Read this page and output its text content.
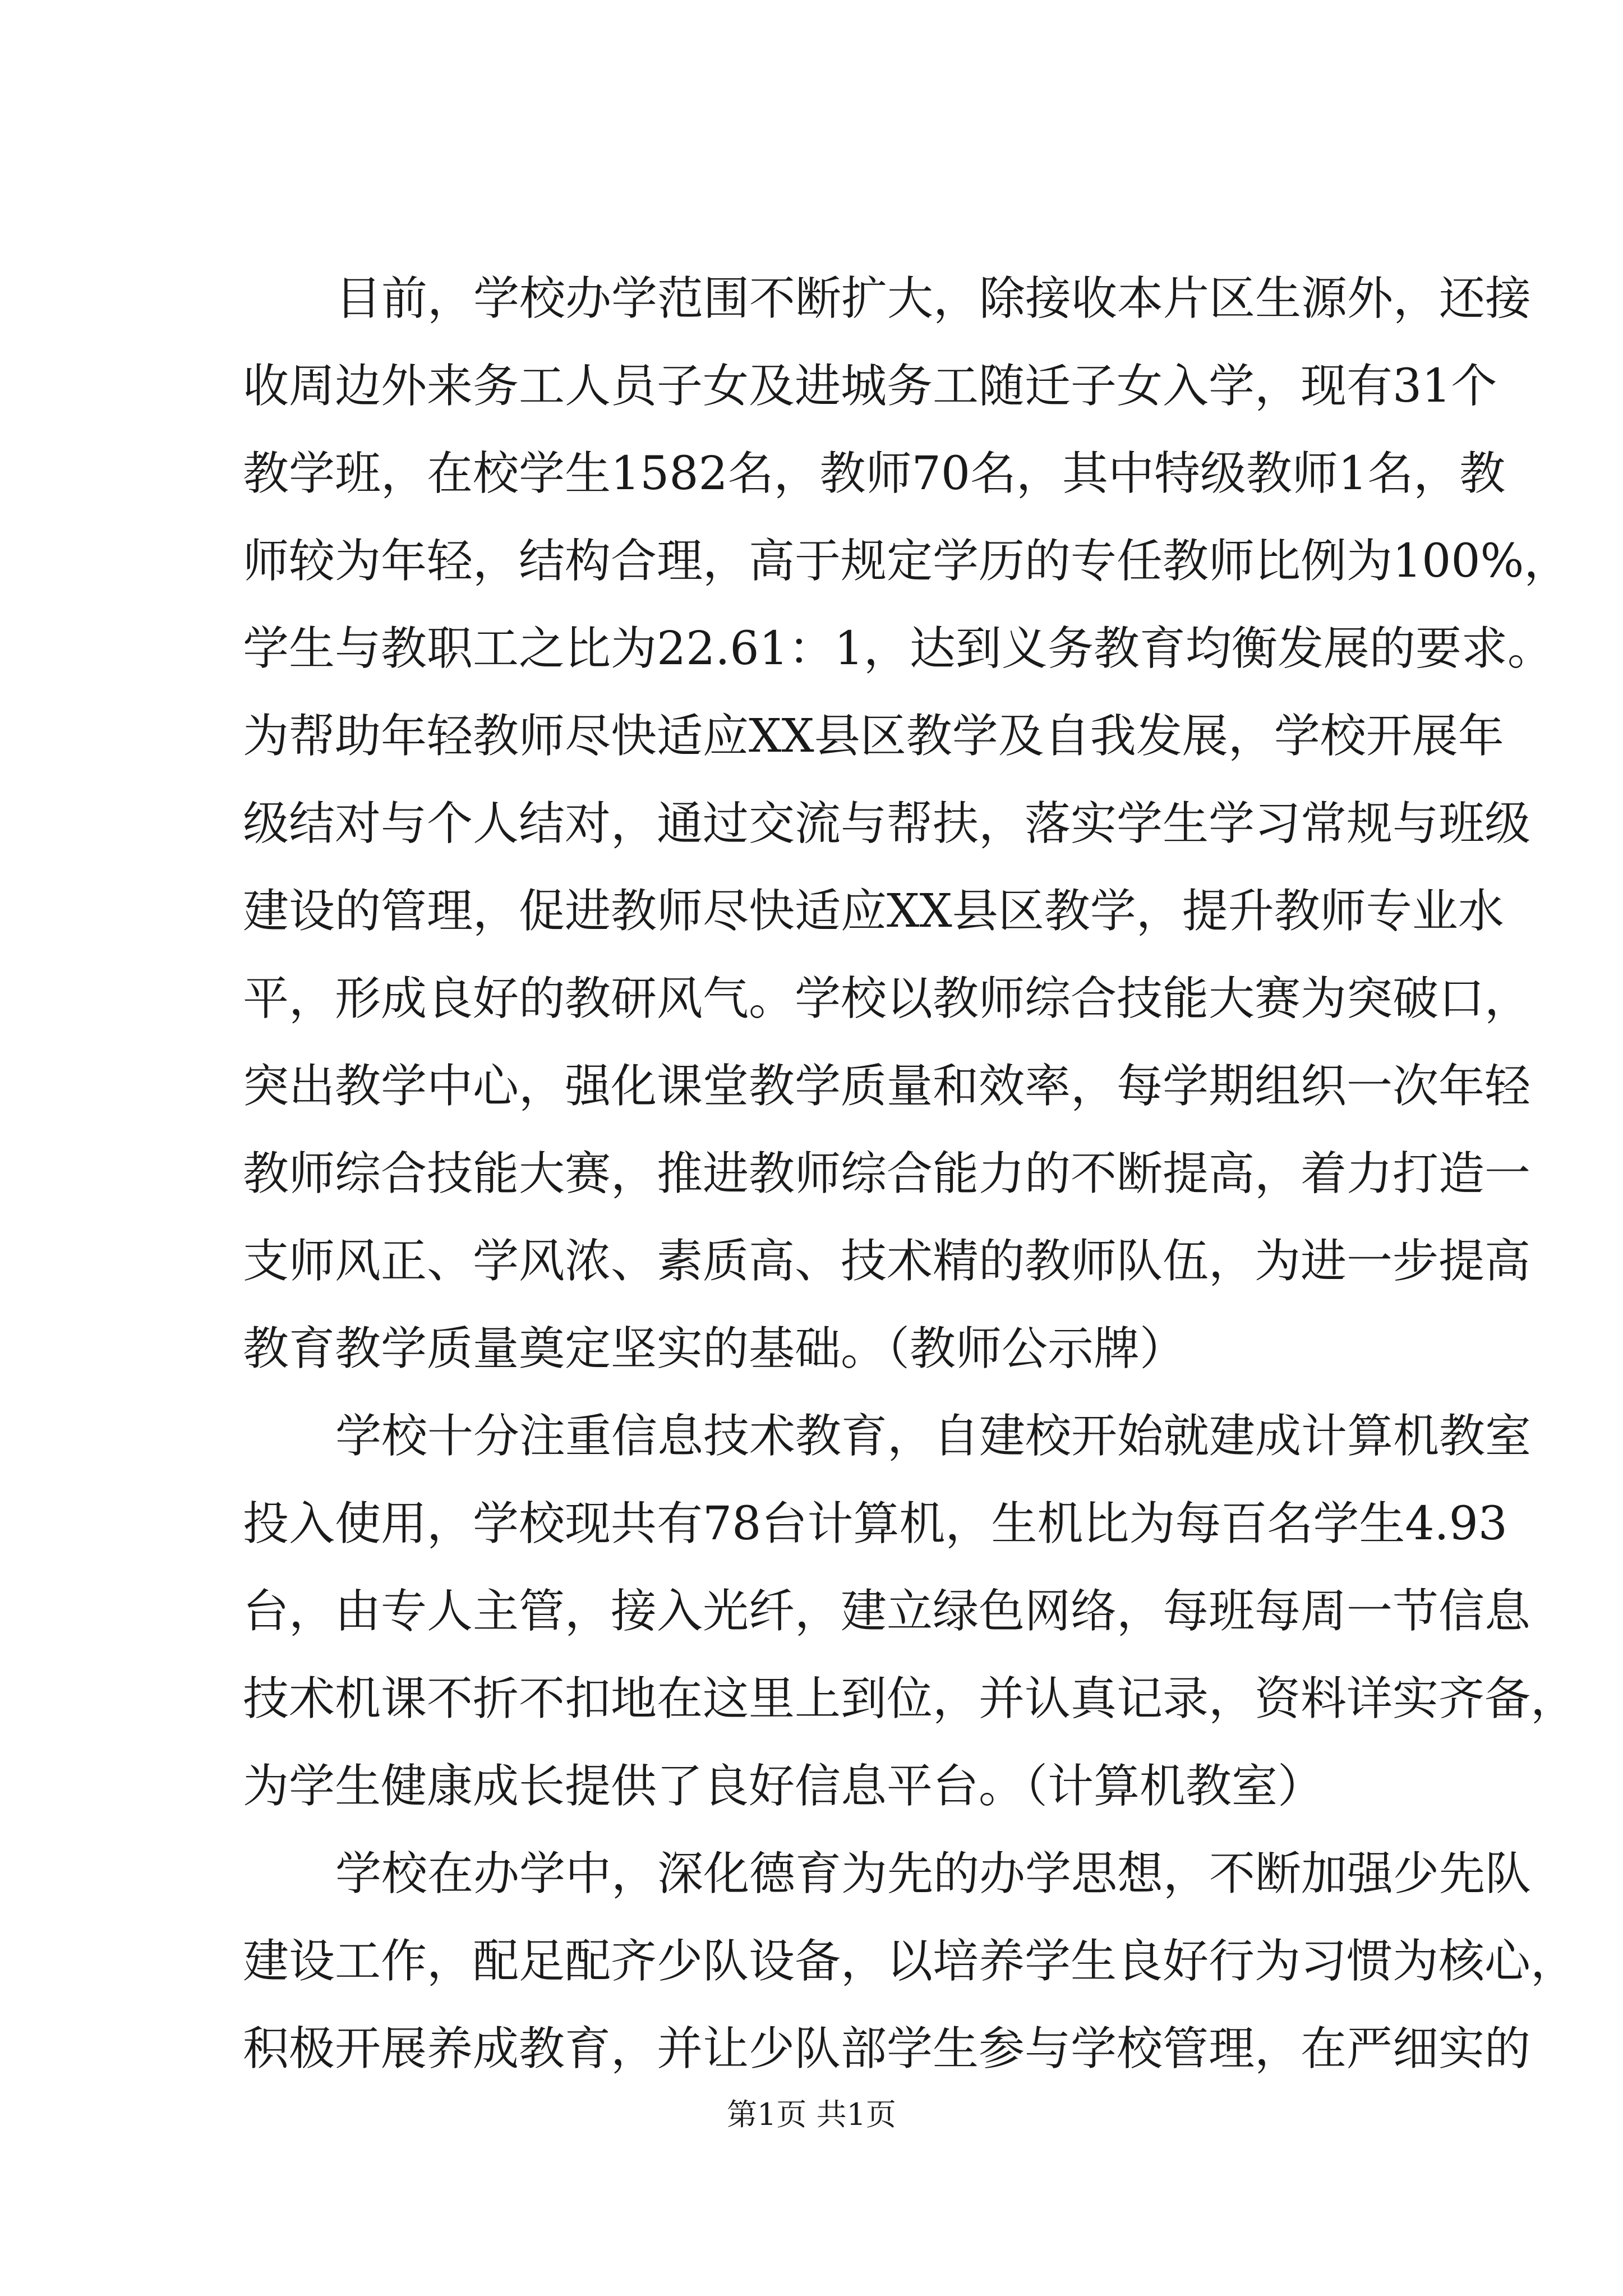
目前，学校办学范围不断扩大，除接收本片区生源外，还接
收周边外来务工人员子女及进城务工随迁子女入学，现有31个
教学班，在校学生1582名，教师70名，其中特级教师1名，教
师较为年轻，结构合理，高于规定学历的专任教师比例为100%，
学生与教职工之比为22.61：1，达到义务教育均衡发展的要求。
为帮助年轻教师尽快适应XX县区教学及自我发展，学校开展年
级结对与个人结对，通过交流与帮扶，落实学生学习常规与班级
建设的管理，促进教师尽快适应XX县区教学，提升教师专业水
平，形成良好的教研风气。学校以教师综合技能大赛为突破口，
突出教学中心，强化课堂教学质量和效率，每学期组织一次年轻
教师综合技能大赛，推进教师综合能力的不断提高，着力打造一
支师风正、学风浓、素质高、技术精的教师队伍，为进一步提高
教育教学质量奠定坚实的基础。（教师公示牌）
学校十分注重信息技术教育，自建校开始就建成计算机教室
投入使用，学校现共有78台计算机，生机比为每百名学生4.93
台，由专人主管，接入光纤，建立绿色网络，每班每周一节信息
技术机课不折不扣地在这里上到位，并认真记录，资料详实齐备，
为学生健康成长提供了良好信息平台。（计算机教室）
学校在办学中，深化德育为先的办学思想，不断加强少先队
建设工作，配足配齐少队设备，以培养学生良好行为习惯为核心，
积极开展养成教育，并让少队部学生参与学校管理，在严细实的
第1页 共1页
